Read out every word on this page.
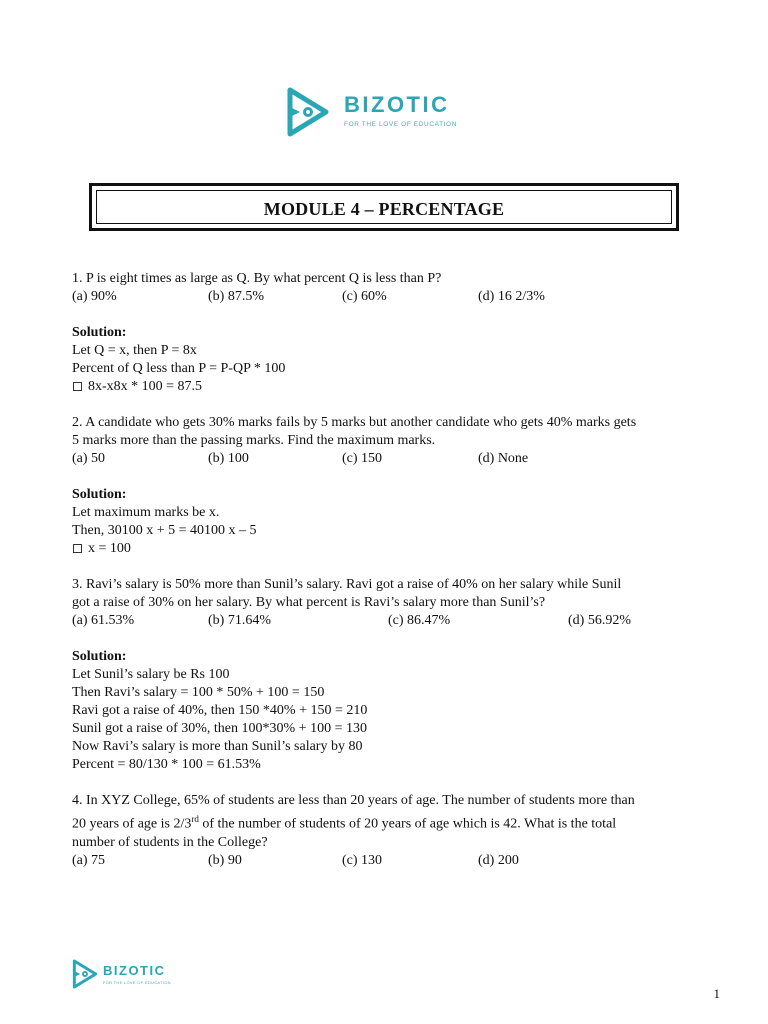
BIZOTIC
FOR THE LOVE OF EDUCATION
MODULE 4 – PERCENTAGE
1. P is eight times as large as Q. By what percent Q is less than P?
(a) 90%	(b) 87.5%	(c) 60%	(d) 16 2/3%
Solution:
Let Q = x, then P = 8x
Percent of Q less than P = P-QP * 100
8x-x8x * 100 = 87.5
2. A candidate who gets 30% marks fails by 5 marks but another candidate who gets 40% marks gets
5 marks more than the passing marks. Find the maximum marks.
(a) 50	(b) 100	(c) 150	(d) None
Solution:
Let maximum marks be x.
Then, 30100 x + 5 = 40100 x – 5
x = 100
3. Ravi’s salary is 50% more than Sunil’s salary. Ravi got a raise of 40% on her salary while Sunil
got a raise of 30% on her salary. By what percent is Ravi’s salary more than Sunil’s?
(a) 61.53%	(b) 71.64%	(c) 86.47%	(d) 56.92%
Solution:
Let Sunil’s salary be Rs 100
Then Ravi’s salary = 100 * 50% + 100 = 150
Ravi got a raise of 40%, then 150 *40% + 150 = 210
Sunil got a raise of 30%, then 100*30% + 100 = 130
Now Ravi’s salary is more than Sunil’s salary by 80
Percent = 80/130 * 100 = 61.53%
4. In XYZ College, 65% of students are less than 20 years of age. The number of students more than
20 years of age is 2/3rd of the number of students of 20 years of age which is 42. What is the total
number of students in the College?
(a) 75	(b) 90	(c) 130	(d) 200
BIZOTIC
FOR THE LOVE OF EDUCATION
1
